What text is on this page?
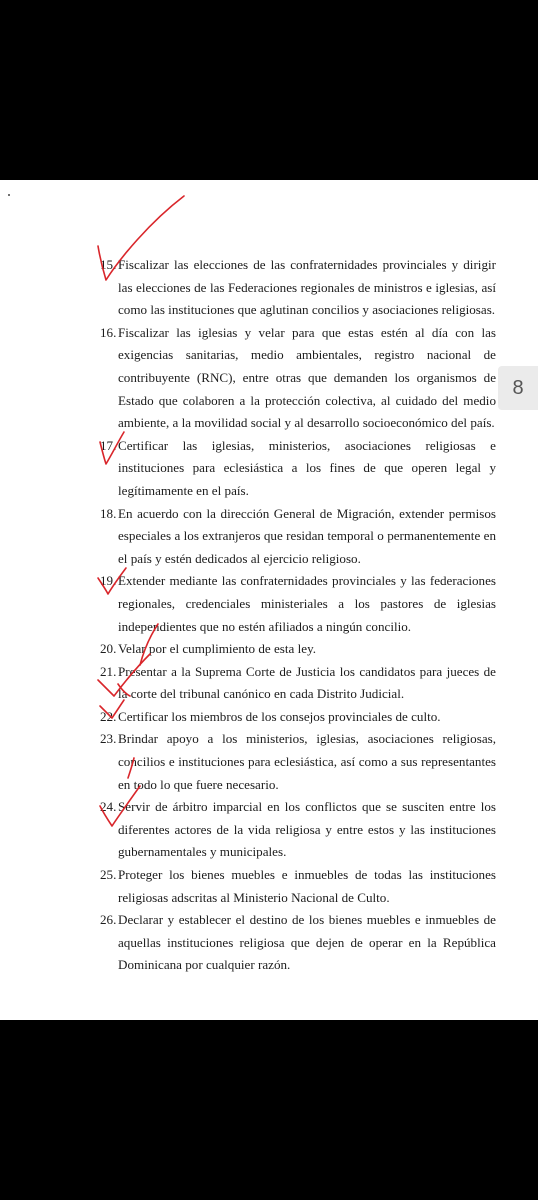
15. Fiscalizar las elecciones de las confraternidades provinciales y dirigir las elecciones de las Federaciones regionales de ministros e iglesias, así como las instituciones que aglutinan concilios y asociaciones religiosas.
16. Fiscalizar las iglesias y velar para que estas estén al día con las exigencias sanitarias, medio ambientales, registro nacional de contribuyente (RNC), entre otras que demanden los organismos de Estado que colaboren a la protección colectiva, al cuidado del medio ambiente, a la movilidad social y al desarrollo socioeconómico del país.
17. Certificar las iglesias, ministerios, asociaciones religiosas e instituciones para eclesiástica a los fines de que operen legal y legítimamente en el país.
18. En acuerdo con la dirección General de Migración, extender permisos especiales a los extranjeros que residan temporal o permanentemente en el país y estén dedicados al ejercicio religioso.
19. Extender mediante las confraternidades provinciales y las federaciones regionales, credenciales ministeriales a los pastores de iglesias independientes que no estén afiliados a ningún concilio.
20. Velar por el cumplimiento de esta ley.
21. Presentar a la Suprema Corte de Justicia los candidatos para jueces de la corte del tribunal canónico en cada Distrito Judicial.
22. Certificar los miembros de los consejos provinciales de culto.
23. Brindar apoyo a los ministerios, iglesias, asociaciones religiosas, concilios e instituciones para eclesiástica, así como a sus representantes en todo lo que fuere necesario.
24. Servir de árbitro imparcial en los conflictos que se susciten entre los diferentes actores de la vida religiosa y entre estos y las instituciones gubernamentales y municipales.
25. Proteger los bienes muebles e inmuebles de todas las instituciones religiosas adscritas al Ministerio Nacional de Culto.
26. Declarar y establecer el destino de los bienes muebles e inmuebles de aquellas instituciones religiosa que dejen de operar en la República Dominicana por cualquier razón.
8
